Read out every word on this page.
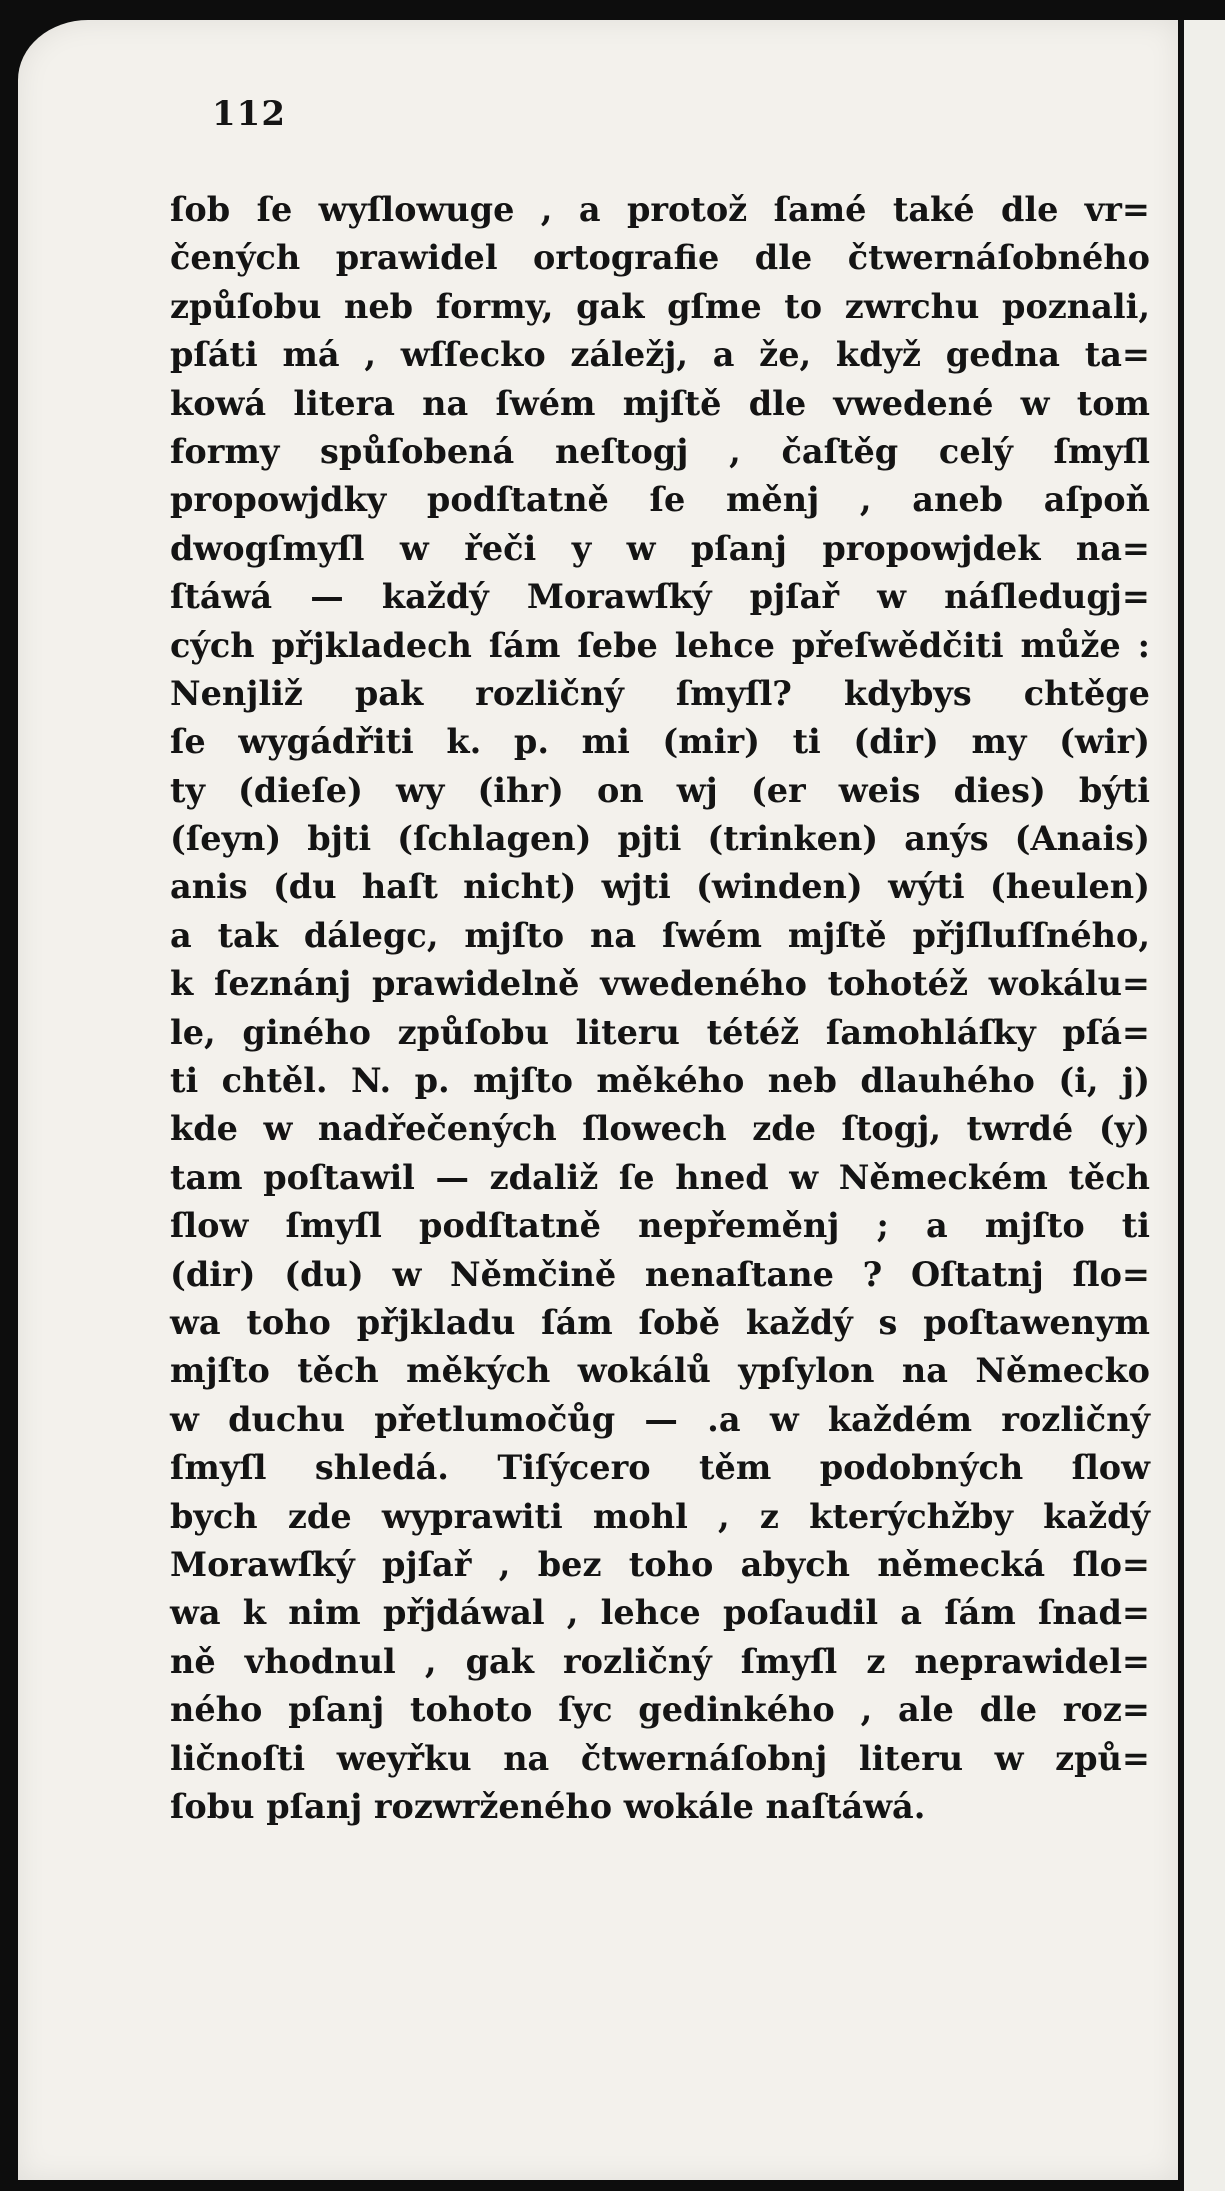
112
ſob ſe wyſlowuge , a protož ſamé také dle vr=
čených prawidel ortografie dle čtwernáſobného
způſobu neb formy, gak gſme to zwrchu poznali,
pſáti má , wſſecko záležj, a že, když gedna ta=
kowá litera na ſwém mjſtě dle vwedené w tom
formy spůſobená neſtogj , čaſtěg celý ſmyſl
propowjdky podſtatně ſe měnj , aneb aſpoň
dwogſmyſl w řeči y w pſanj propowjdek na=
ſtáwá — každý Morawſký pjſař w náſledugj=
cých přjkladech ſám ſebe lehce přeſwědčiti může :
Nenjliž pak rozličný ſmyſl? kdybys chtěge
ſe wygádřiti k. p. mi (mir) ti (dir) my (wir)
ty (dieſe) wy (ihr) on wj (er weis dies) býti
(ſeyn) bjti (ſchlagen) pjti (trinken) anýs (Anais)
anis (du haſt nicht) wjti (winden) wýti (heulen)
a tak dálegc, mjſto na ſwém mjſtě přjſluſſného,
k ſeznánj prawidelně vwedeného tohotéž wokálu=
le, giného způſobu literu tétéž ſamohláſky pſá=
ti chtěl. N. p. mjſto měkého neb dlauhého (i, j)
kde w nadřečených ſlowech zde ſtogj, twrdé (y)
tam poſtawil — zdaliž ſe hned w Německém těch
ſlow ſmyſl podſtatně nepřeměnj ; a mjſto ti
(dir) (du) w Němčině nenaſtane ? Oſtatnj ſlo=
wa toho přjkladu ſám ſobě každý s poſtawenym
mjſto těch měkých wokálů ypſylon na Německo
w duchu přetlumočůg — .a w každém rozličný
ſmyſl shledá. Tiſýcero těm podobných ſlow
bych zde wyprawiti mohl , z kterýchžby každý
Morawſký pjſař , bez toho abych německá ſlo=
wa k nim přjdáwal , lehce poſaudil a ſám ſnad=
ně vhodnul , gak rozličný ſmyſl z neprawidel=
ného pſanj tohoto ſyc gedinkého , ale dle roz=
ličnoſti weyřku na čtwernáſobnj literu w způ=
ſobu pſanj rozwrženého wokále naſtáwá.
